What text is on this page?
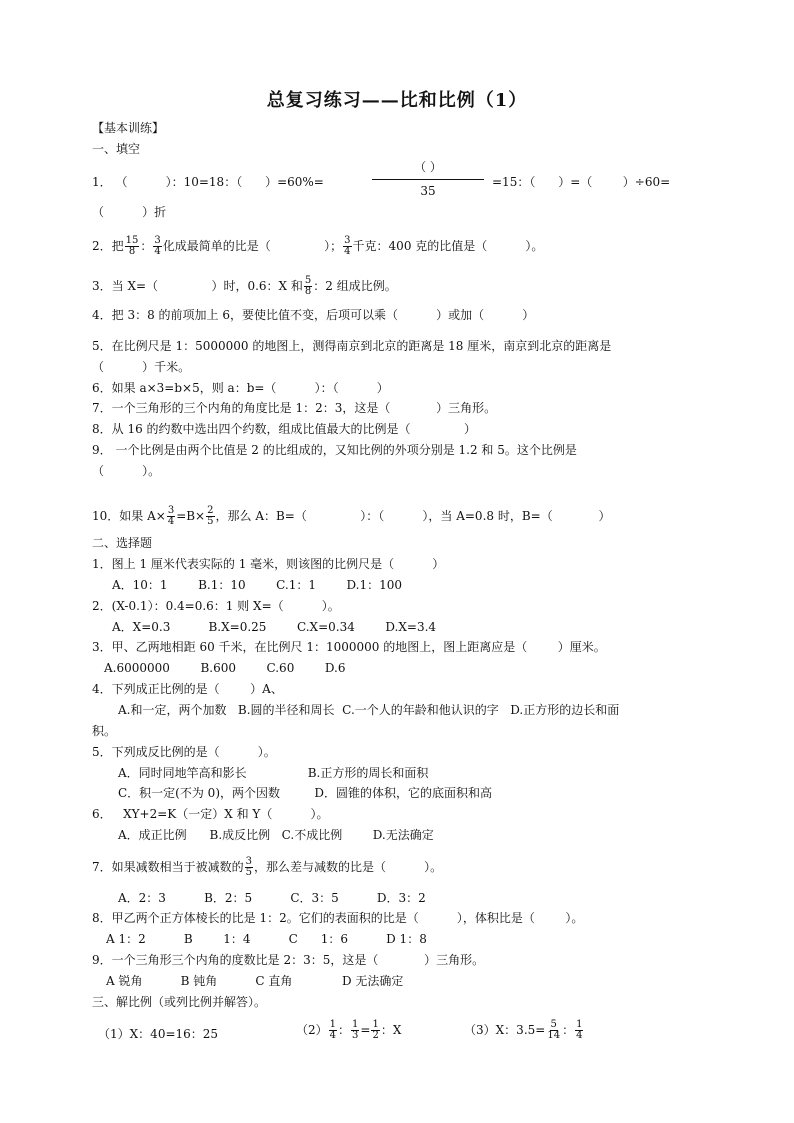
总复习练习——比和比例（1）
【基本训练】
一、填空
1． （          ）：10=18：（      ）=60%=
（ ）
35
=15：（      ）=（        ）÷60=
（          ）折
2．把 $\frac{15}{8}$ ： $\frac{3}{4}$ 化成最简单的比是（              ）； $\frac{3}{4}$ 千克：400 克的比值是（          ）。
3．当 X=（              ）时，0.6：X 和 $\frac{5}{8}$ ：2 组成比例。
4．把 3：8 的前项加上 6，要使比值不变，后项可以乘（          ）或加（          ）
5．在比例尺是 1：5000000 的地图上，测得南京到北京的距离是 18 厘米，南京到北京的距离是
（          ）千米。
6．如果 a×3=b×5，则 a：b=（          ）：（          ）
7．一个三角形的三个内角的角度比是 1：2：3，这是（            ）三角形。
8．从 16 的约数中选出四个约数，组成比值最大的比例是（              ）
9． 一个比例是由两个比值是 2 的比组成的，又知比例的外项分别是 1.2 和 5。这个比例是
（          ）。
10．如果 $A\times \frac{3}{4} =B\times \frac{2}{5}$ ，那么 A：B=（              ）：（          ），当 A=0.8 时，B=（            ）
二、选择题
1．图上 1 厘米代表实际的 1 毫米，则该图的比例尺是（          ）
A．10：1        B.1：10        C.1：1        D.1：100
2．(X-0.1）：0.4=0.6：1 则 X=（          ）。
A．X=0.3          B.X=0.25        C.X=0.34        D.X=3.4
3．甲、乙两地相距 60 千米，在比例尺 1：1000000 的地图上，图上距离应是（        ）厘米。
A.6000000        B.600        C.60        D.6
4．下列成正比例的是（        ）A、
A.和一定，两个加数   B.圆的半径和周长  C.一个人的年龄和他认识的字   D.正方形的边长和面
积。
5．下列成反比例的是（          ）。
A．同时同地竿高和影长                B.正方形的周长和面积
C．积一定(不为 0)，两个因数         D．圆锥的体积，它的底面积和高
6．   XY+2=K（一定）X 和 Y（          ）。
A．成正比例      B.成反比例   C.不成比例        D.无法确定
7．如果减数相当于被减数的 $\frac{3}{5}$ ，那么差与减数的比是（          ）。
A．2：3          B．2：5          C．3：5          D．3：2
8．甲乙两个正方体棱长的比是 1：2。它们的表面积的比是（          ），体积比是（        ）。
A 1：2          B        1：4          C      1：6          D 1：8
9．一个三角形三个内角的度数比是 2：3：5，这是（            ）三角形。
A 锐角          B 钝角          C 直角             D 无法确定
三、解比例（或列比例并解答）。
（1）X：40=16：25	$(2) \frac{1}{4}$ ： $\frac{1}{3} = \frac{1}{2}$ ：X	（3）X：$3.5= \frac{5}{14}$ ： $\frac{1}{4}$
